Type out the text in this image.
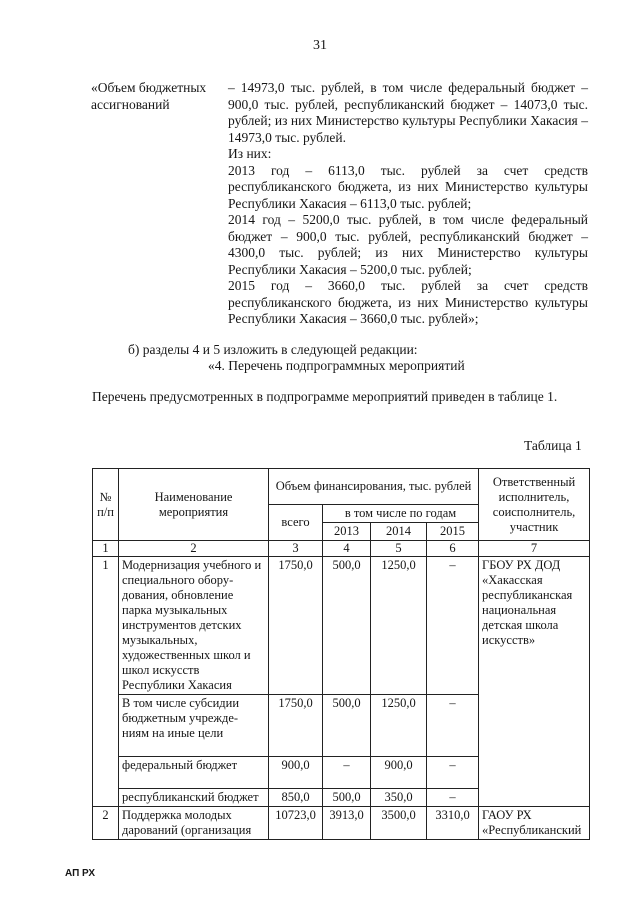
31
«Объем бюджетных ассигнований

– 14973,0 тыс. рублей, в том числе федеральный бюджет – 900,0 тыс. рублей, республиканский бюджет – 14073,0 тыс. рублей; из них Министерство культуры Республики Хакасия – 14973,0 тыс. рублей.

Из них:

2013 год – 6113,0 тыс. рублей за счет средств республиканского бюджета, из них Министерство культуры Республики Хакасия – 6113,0 тыс. рублей;

2014 год – 5200,0 тыс. рублей, в том числе федеральный бюджет – 900,0 тыс. рублей, республиканский бюджет – 4300,0 тыс. рублей; из них Министерство культуры Республики Хакасия – 5200,0 тыс. рублей;

2015 год – 3660,0 тыс. рублей за счет средств республиканского бюджета, из них Министерство культуры Республики Хакасия – 3660,0 тыс. рублей»;

б) разделы 4 и 5 изложить в следующей редакции:
«4. Перечень подпрограммных мероприятий
Перечень предусмотренных в подпрограмме мероприятий приведен в таблице 1.
Таблица 1
№ п/п	Наименование мероприятия	Объем финансирования, тыс. рублей				Ответственный исполнитель, соисполнитель, участник
		всего	в том числе по годам			
			2013	2014	2015	
1	2	3	4	5	6	7
1	Модернизация учебного и специального обору-дования, обновление парка музыкальных инструментов детских музыкальных, художественных школ и школ искусств Республики Хакасия	1750,0	500,0	1250,0	–	ГБОУ РХ ДОД «Хакасская республиканская национальная детская школа искусств»
	В том числе субсидии бюджетным учрежде-ниям на иные цели	1750,0	500,0	1250,0	–	
	федеральный бюджет	900,0	–	900,0	–	
	республиканский бюджет	850,0	500,0	350,0	–	
2	Поддержка молодых дарований (организация	10723,0	3913,0	3500,0	3310,0	ГАОУ РХ «Республиканский
АП РХ
